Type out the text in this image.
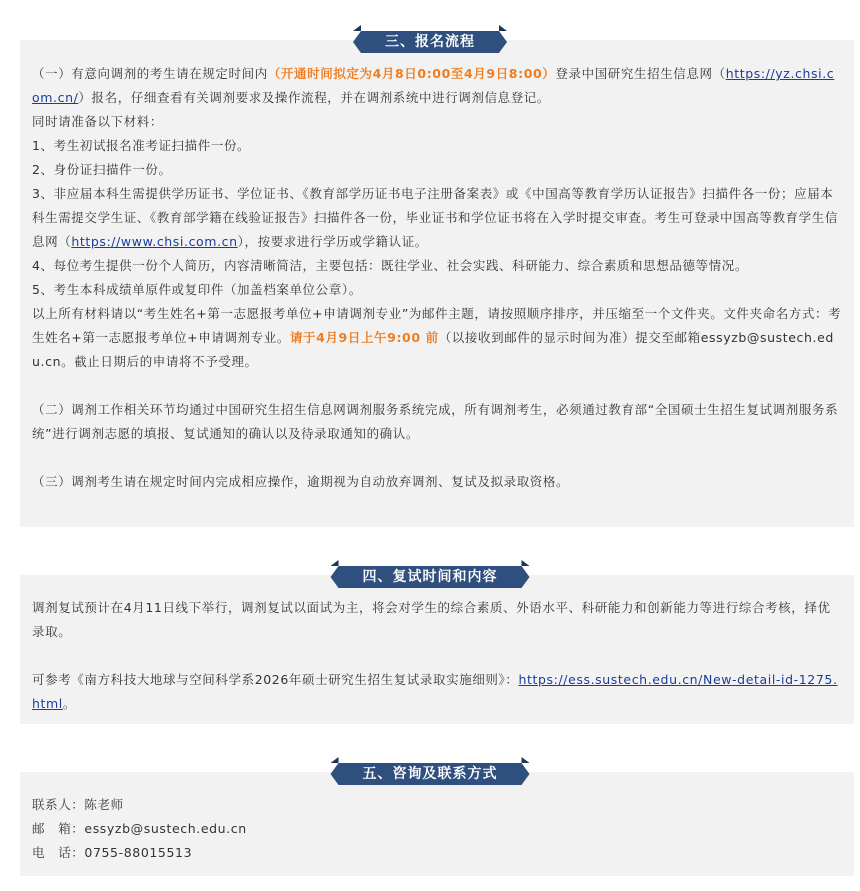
（一）有意向调剂的考生请在规定时间内（开通时间拟定为4月8日0:00至4月9日8:00）登录中国研究生招生信息网（https://yz.chsi.com.cn/）报名，仔细查看有关调剂要求及操作流程，并在调剂系统中进行调剂信息登记。

同时请准备以下材料：

1、考生初试报名准考证扫描件一份。

2、身份证扫描件一份。

3、非应届本科生需提供学历证书、学位证书、《教育部学历证书电子注册备案表》或《中国高等教育学历认证报告》扫描件各一份；应届本科生需提交学生证、《教育部学籍在线验证报告》扫描件各一份，毕业证书和学位证书将在入学时提交审查。考生可登录中国高等教育学生信息网（https://www.chsi.com.cn），按要求进行学历或学籍认证。

4、每位考生提供一份个人简历，内容清晰简洁，主要包括：既往学业、社会实践、科研能力、综合素质和思想品德等情况。

5、考生本科成绩单原件或复印件（加盖档案单位公章）。

以上所有材料请以“考生姓名+第一志愿报考单位+申请调剂专业”为邮件主题，请按照顺序排序，并压缩至一个文件夹。文件夹命名方式：考生姓名+第一志愿报考单位+申请调剂专业。请于4月9日上午9:00 前（以接收到邮件的显示时间为准）提交至邮箱essyzb@sustech.edu.cn。截止日期后的申请将不予受理。

（二）调剂工作相关环节均通过中国研究生招生信息网调剂服务系统完成，所有调剂考生，必须通过教育部“全国硕士生招生复试调剂服务系统”进行调剂志愿的填报、复试通知的确认以及待录取通知的确认。

（三）调剂考生请在规定时间内完成相应操作，逾期视为自动放弃调剂、复试及拟录取资格。

三、报名流程

调剂复试预计在4月11日线下举行，调剂复试以面试为主，将会对学生的综合素质、外语水平、科研能力和创新能力等进行综合考核，择优录取。

可参考《南方科技大地球与空间科学系2026年硕士研究生招生复试录取实施细则》：https://ess.sustech.edu.cn/New-detail-id-1275.html。

四、复试时间和内容

联系人：陈老师

邮　箱：essyzb@sustech.edu.cn

电　话：0755-88015513

五、咨询及联系方式
